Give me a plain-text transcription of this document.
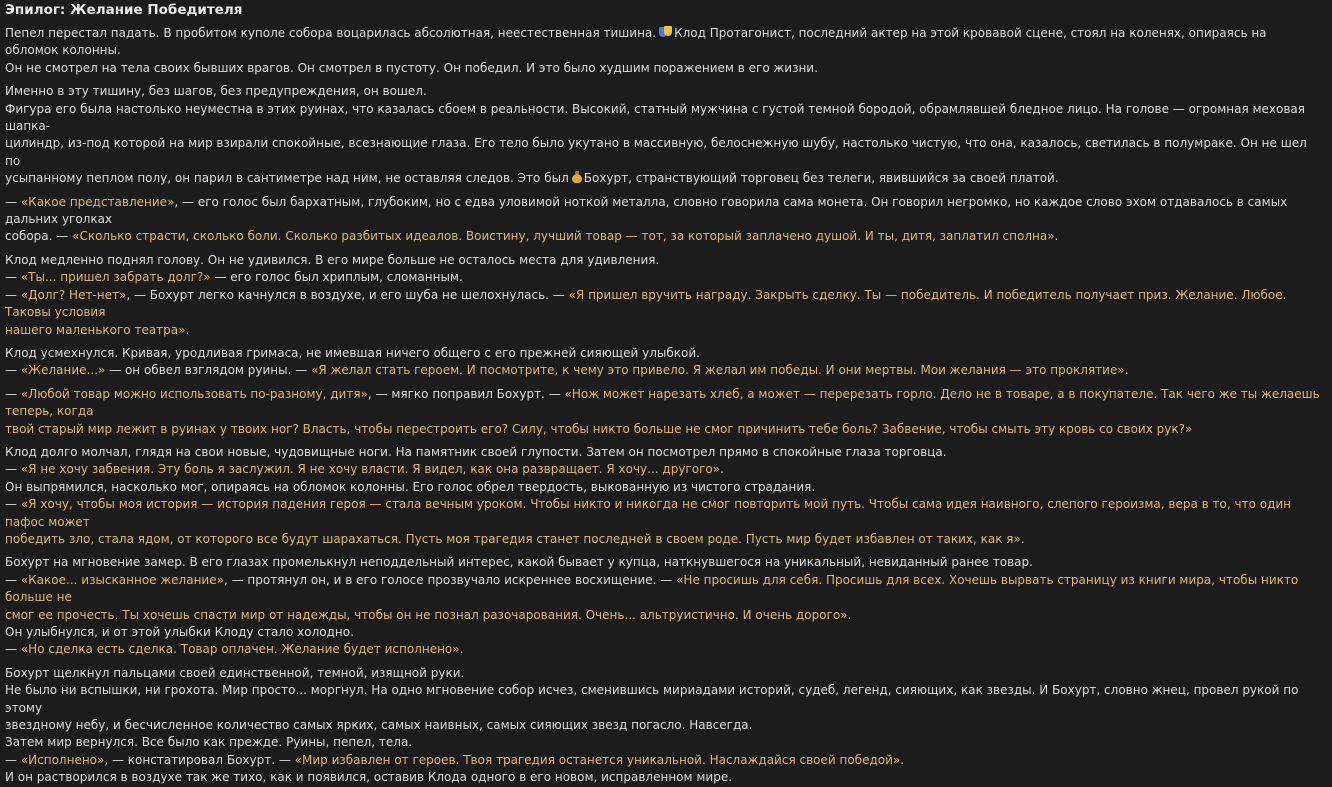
Эпилог: Желание Победителя
Пепел перестал падать. В пробитом куполе собора воцарилась абсолютная, неестественная тишина. Клод Протагонист, последний актер на этой кровавой сцене, стоял на коленях, опираясь на обломок колонны.
Он не смотрел на тела своих бывших врагов. Он смотрел в пустоту. Он победил. И это было худшим поражением в его жизни.
Именно в эту тишину, без шагов, без предупреждения, он вошел.
Фигура его была настолько неуместна в этих руинах, что казалась сбоем в реальности. Высокий, статный мужчина с густой темной бородой, обрамлявшей бледное лицо. На голове — огромная меховая шапка-
цилиндр, из-под которой на мир взирали спокойные, всезнающие глаза. Его тело было укутано в массивную, белоснежную шубу, настолько чистую, что она, казалось, светилась в полумраке. Он не шел по
усыпанному пеплом полу, он парил в сантиметре над ним, не оставляя следов. Это был Бохурт, странствующий торговец без телеги, явившийся за своей платой.
— «Какое представление», — его голос был бархатным, глубоким, но с едва уловимой ноткой металла, словно говорила сама монета. Он говорил негромко, но каждое слово эхом отдавалось в самых дальних уголках
собора. — «Сколько страсти, сколько боли. Сколько разбитых идеалов. Воистину, лучший товар — тот, за который заплачено душой. И ты, дитя, заплатил сполна».
Клод медленно поднял голову. Он не удивился. В его мире больше не осталось места для удивления.
— «Ты... пришел забрать долг?» — его голос был хриплым, сломанным.
— «Долг? Нет-нет», — Бохурт легко качнулся в воздухе, и его шуба не шелохнулась. — «Я пришел вручить награду. Закрыть сделку. Ты — победитель. И победитель получает приз. Желание. Любое. Таковы условия
нашего маленького театра».
Клод усмехнулся. Кривая, уродливая гримаса, не имевшая ничего общего с его прежней сияющей улыбкой.
— «Желание...» — он обвел взглядом руины. — «Я желал стать героем. И посмотрите, к чему это привело. Я желал им победы. И они мертвы. Мои желания — это проклятие».
— «Любой товар можно использовать по-разному, дитя», — мягко поправил Бохурт. — «Нож может нарезать хлеб, а может — перерезать горло. Дело не в товаре, а в покупателе. Так чего же ты желаешь теперь, когда
твой старый мир лежит в руинах у твоих ног? Власть, чтобы перестроить его? Силу, чтобы никто больше не смог причинить тебе боль? Забвение, чтобы смыть эту кровь со своих рук?»
Клод долго молчал, глядя на свои новые, чудовищные ноги. На памятник своей глупости. Затем он посмотрел прямо в спокойные глаза торговца.
— «Я не хочу забвения. Эту боль я заслужил. Я не хочу власти. Я видел, как она развращает. Я хочу... другого».
Он выпрямился, насколько мог, опираясь на обломок колонны. Его голос обрел твердость, выкованную из чистого страдания.
— «Я хочу, чтобы моя история — история падения героя — стала вечным уроком. Чтобы никто и никогда не смог повторить мой путь. Чтобы сама идея наивного, слепого героизма, вера в то, что один пафос может
победить зло, стала ядом, от которого все будут шарахаться. Пусть моя трагедия станет последней в своем роде. Пусть мир будет избавлен от таких, как я».
Бохурт на мгновение замер. В его глазах промелькнул неподдельный интерес, какой бывает у купца, наткнувшегося на уникальный, невиданный ранее товар.
— «Какое... изысканное желание», — протянул он, и в его голосе прозвучало искреннее восхищение. — «Не просишь для себя. Просишь для всех. Хочешь вырвать страницу из книги мира, чтобы никто больше не
смог ее прочесть. Ты хочешь спасти мир от надежды, чтобы он не познал разочарования. Очень... альтруистично. И очень дорого».
Он улыбнулся, и от этой улыбки Клоду стало холодно.
— «Но сделка есть сделка. Товар оплачен. Желание будет исполнено».
Бохурт щелкнул пальцами своей единственной, темной, изящной руки.
Не было ни вспышки, ни грохота. Мир просто... моргнул. На одно мгновение собор исчез, сменившись мириадами историй, судеб, легенд, сияющих, как звезды. И Бохурт, словно жнец, провел рукой по этому
звездному небу, и бесчисленное количество самых ярких, самых наивных, самых сияющих звезд погасло. Навсегда.
Затем мир вернулся. Все было как прежде. Руины, пепел, тела.
— «Исполнено», — констатировал Бохурт. — «Мир избавлен от героев. Твоя трагедия останется уникальной. Наслаждайся своей победой».
И он растворился в воздухе так же тихо, как и появился, оставив Клода одного в его новом, исправленном мире.
